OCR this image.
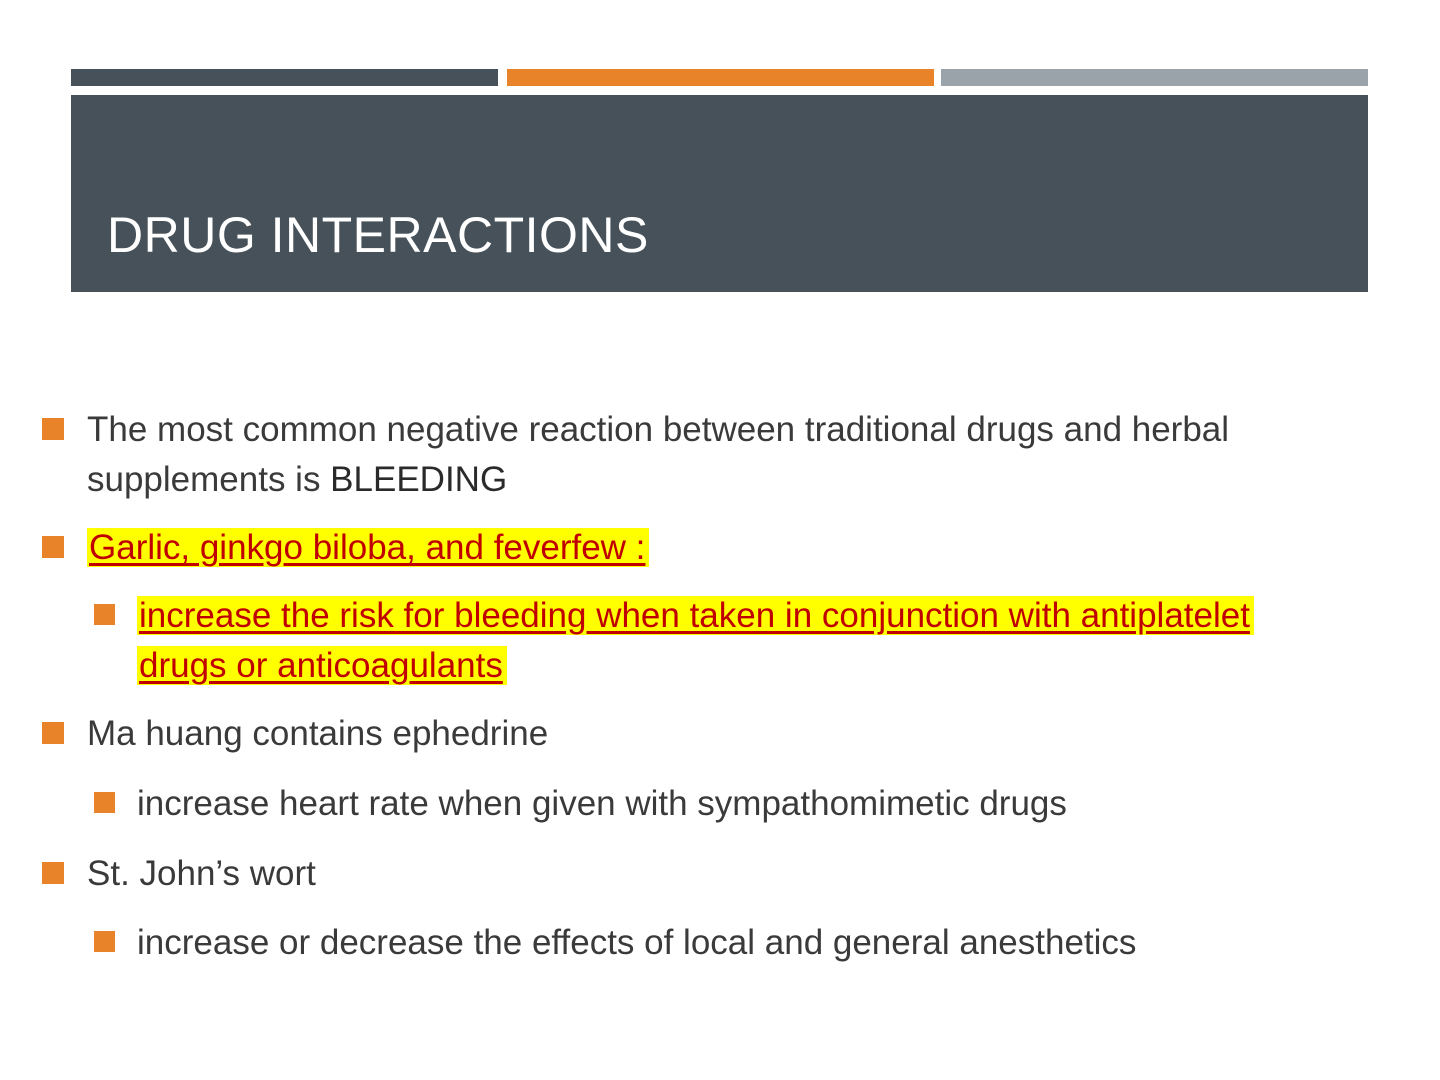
DRUG INTERACTIONS
The most common negative reaction between traditional drugs and herbal
supplements is BLEEDING
Garlic, ginkgo biloba, and feverfew :
increase the risk for bleeding when taken in conjunction with antiplatelet
drugs or anticoagulants
Ma huang contains ephedrine
increase heart rate when given with sympathomimetic drugs
St. John’s wort
increase or decrease the effects of local and general anesthetics
